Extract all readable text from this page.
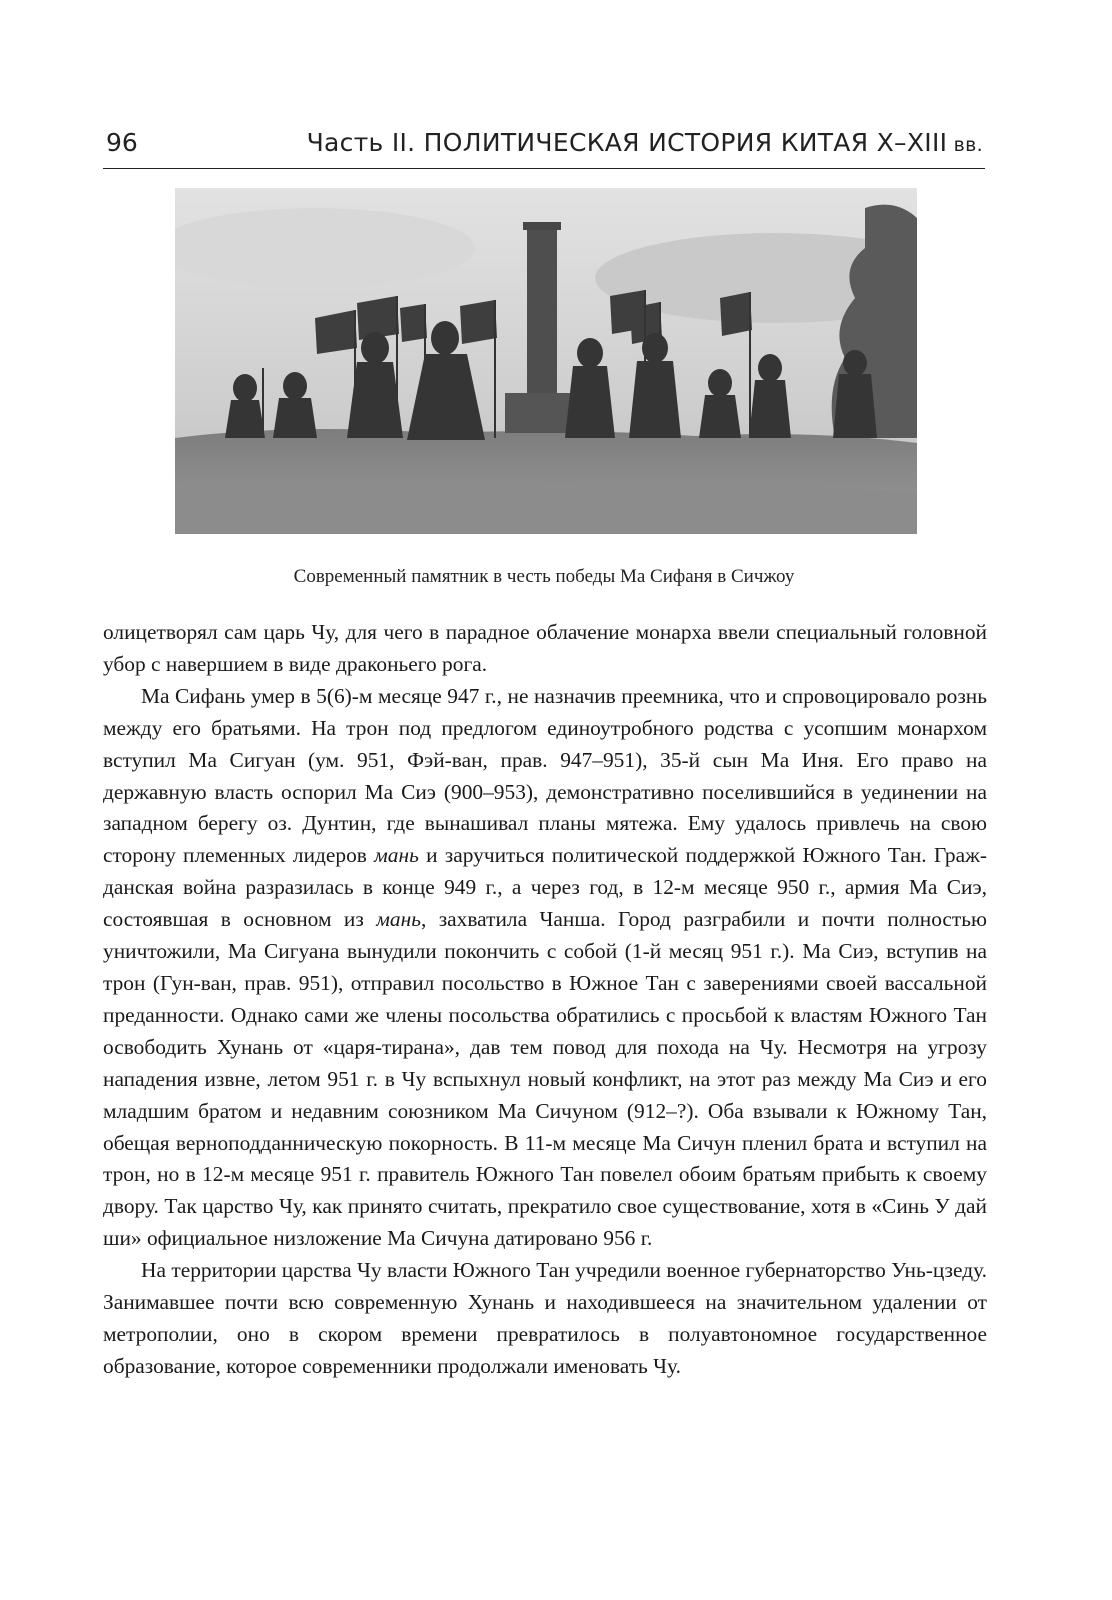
96	Часть II. ПОЛИТИЧЕСКАЯ ИСТОРИЯ КИТАЯ X–XIII вв.
Современный памятник в честь победы Ма Сифаня в Сичжоу

олицетворял сам царь Чу, для чего в парадное облачение монарха ввели специальный головной убор с навершием в виде драконьего рога.

Ма Сифань умер в 5(6)-м месяце 947 г., не назначив преемника, что и спровоцировало рознь между его братьями. На трон под предлогом единоутробного родства с усопшим монархом вступил Ма Сигуан (ум. 951, Фэй-ван, прав. 947–951), 35-й сын Ма Иня. Его право на державную власть оспорил Ма Сиэ (900–953), демонстративно поселившийся в уединении на западном берегу оз. Дунтин, где вынашивал планы мятежа. Ему удалось привлечь на свою сторону племенных лидеров мань и заручиться политической поддержкой Южного Тан. Гражданская война разразилась в конце 949 г., а через год, в 12-м месяце 950 г., армия Ма Сиэ, состоявшая в основном из мань, захватила Чанша. Город разграбили и почти полностью уничтожили, Ма Сигуана вынудили покончить с собой (1-й месяц 951 г.). Ма Сиэ, вступив на трон (Гун-ван, прав. 951), отправил посольство в Южное Тан с заверениями своей вассальной преданности. Однако сами же члены посольства обратились с просьбой к властям Южного Тан освободить Хунань от «царя-тирана», дав тем повод для похода на Чу. Несмотря на угрозу нападения извне, летом 951 г. в Чу вспыхнул новый конфликт, на этот раз между Ма Сиэ и его младшим братом и недавним союзником Ма Сичуном (912–?). Оба взывали к Южному Тан, обещая верноподданническую покорность. В 11-м месяце Ма Сичун пленил брата и вступил на трон, но в 12-м месяце 951 г. правитель Южного Тан повелел обоим братьям прибыть к своему двору. Так царство Чу, как принято считать, прекратило свое существование, хотя в «Синь У дай ши» официальное низложение Ма Сичуна датировано 956 г.

На территории царства Чу власти Южного Тан учредили военное губернаторство Унь-цзеду. Занимавшее почти всю современную Хунань и находившееся на значительном удалении от метрополии, оно в скором времени превратилось в полуавтономное государственное образование, которое современники продолжали именовать Чу.
